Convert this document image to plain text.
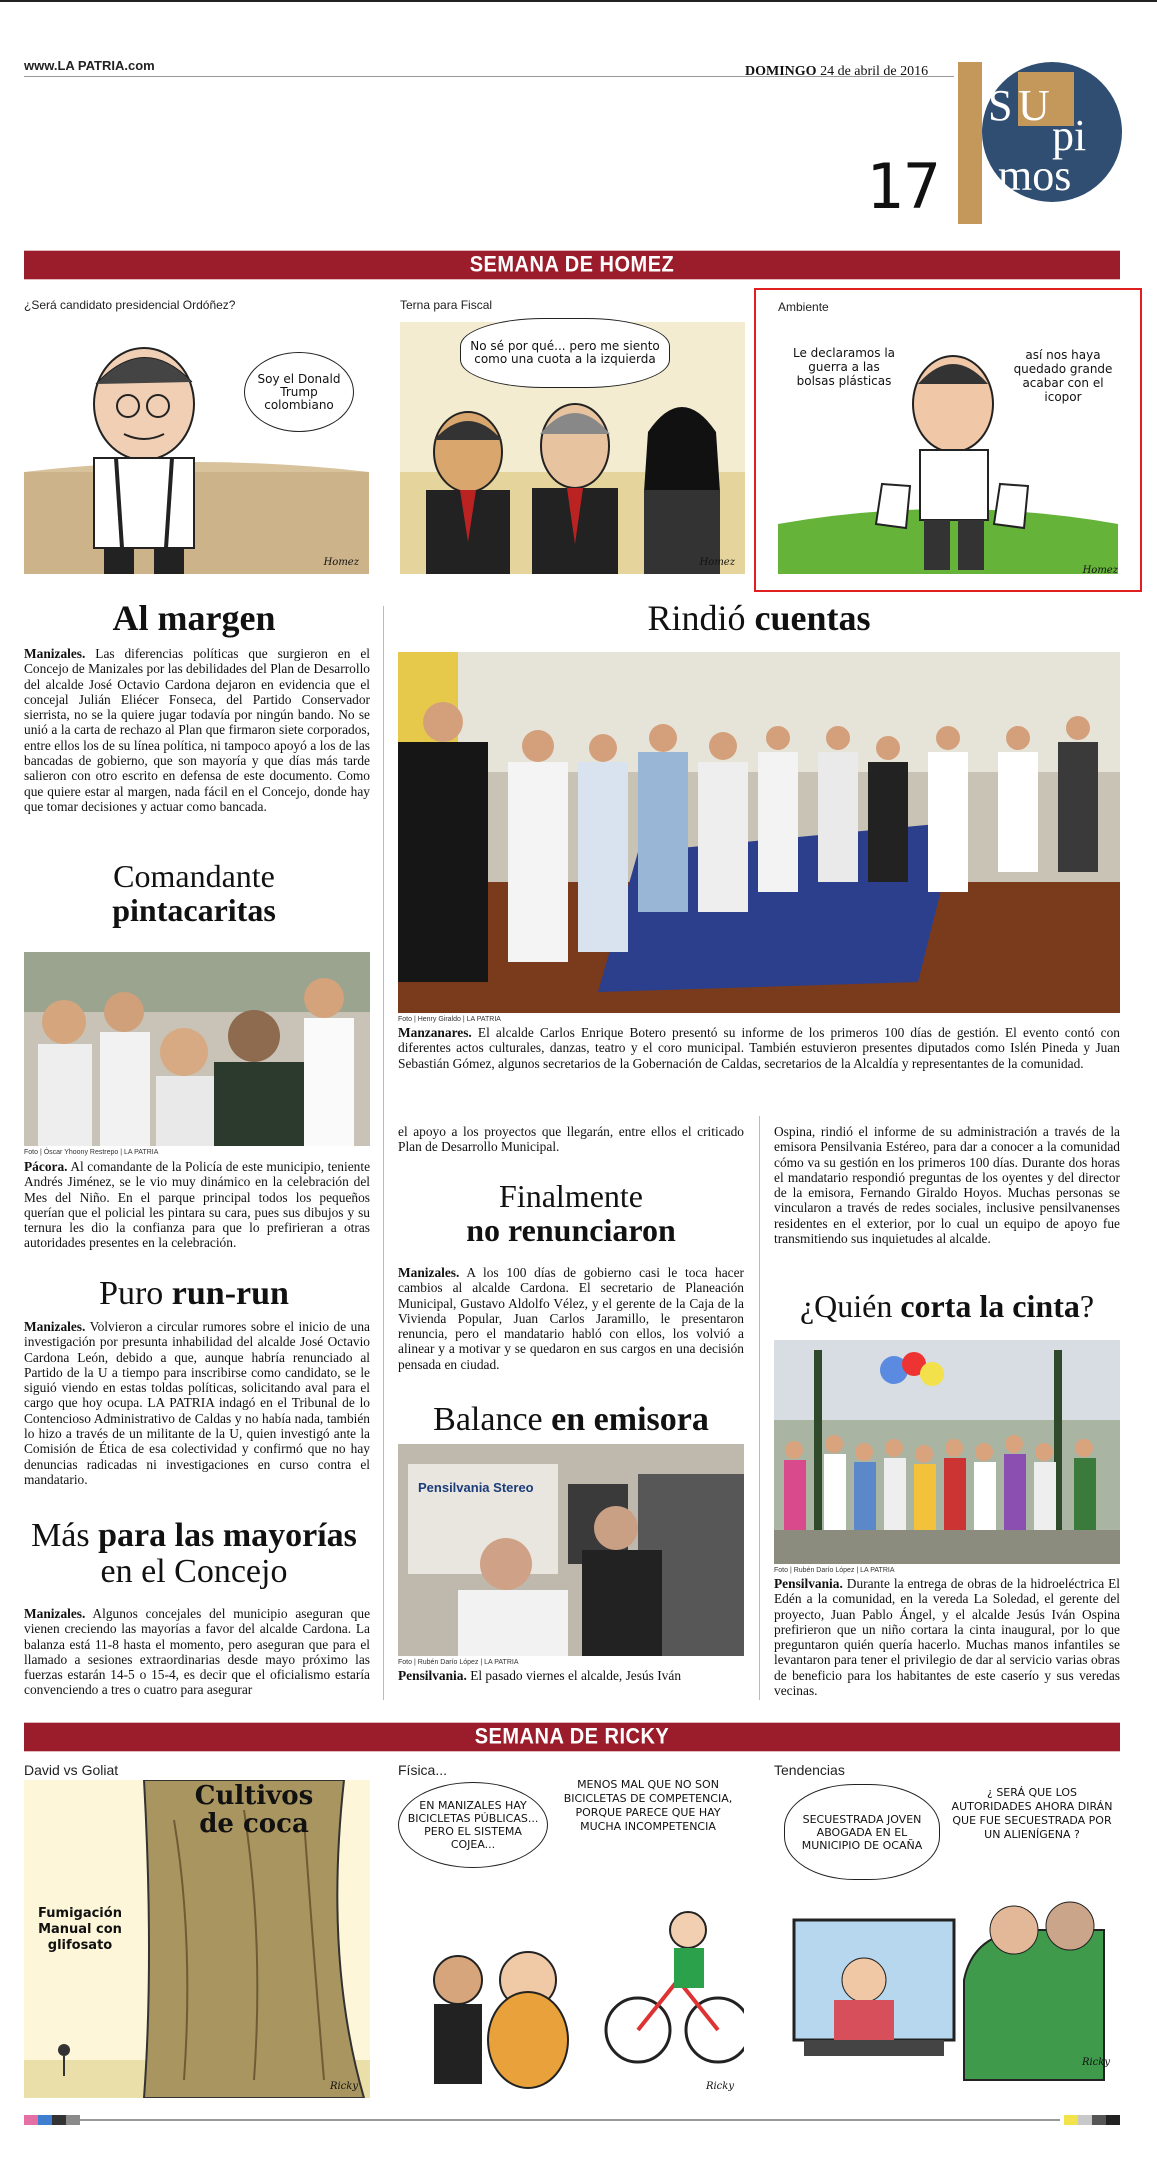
www.LA PATRIA.com	DOMINGO 24 de abril de 2016
17
S U
pi
mos
SEMANA DE HOMEZ
¿Será candidato presidencial Ordóñez?
Soy el Donald Trump colombiano
Homez
Terna para Fiscal
No sé por qué... pero me siento como una cuota a la izquierda
Homez
Ambiente
Le declaramos la guerra a las bolsas plásticas
así nos haya quedado grande acabar con el icopor
Homez
Al margen
Manizales. Las diferencias políticas que surgieron en el Concejo de Manizales por las debilidades del Plan de Desarrollo del alcalde José Octavio Cardona dejaron en evidencia que el concejal Julián Eliécer Fonseca, del Partido Conservador sierrista, no se la quiere jugar todavía por ningún bando. No se unió a la carta de rechazo al Plan que firmaron siete corporados, entre ellos los de su línea política, ni tampoco apoyó a los de las bancadas de gobierno, que son mayoría y que días más tarde salieron con otro escrito en defensa de este documento. Como que quiere estar al margen, nada fácil en el Concejo, donde hay que tomar decisiones y actuar como bancada.
Comandante
pintacaritas
Foto | Óscar Yhoony Restrepo | LA PATRIA
Pácora. Al comandante de la Policía de este municipio, teniente Andrés Jiménez, se le vio muy dinámico en la celebración del Mes del Niño. En el parque principal todos los pequeños querían que el policial les pintara su cara, pues sus dibujos y su ternura les dio la confianza para que lo prefirieran a otras autoridades presentes en la celebración.
Puro run-run
Manizales. Volvieron a circular rumores sobre el inicio de una investigación por presunta inhabilidad del alcalde José Octavio Cardona León, debido a que, aunque habría renunciado al Partido de la U a tiempo para inscribirse como candidato, se le siguió viendo en estas toldas políticas, solicitando aval para el cargo que hoy ocupa. LA PATRIA indagó en el Tribunal de lo Contencioso Administrativo de Caldas y no había nada, también lo hizo a través de un militante de la U, quien investigó ante la Comisión de Ética de esa colectividad y confirmó que no hay denuncias radicadas ni investigaciones en curso contra el mandatario.
Más para las mayorías
en el Concejo
Manizales. Algunos concejales del municipio aseguran que vienen creciendo las mayorías a favor del alcalde Cardona. La balanza está 11-8 hasta el momento, pero aseguran que para el llamado a sesiones extraordinarias desde mayo próximo las fuerzas estarán 14-5 o 15-4, es decir que el oficialismo estaría convenciendo a tres o cuatro para asegurar
Rindió cuentas
Foto | Henry Giraldo | LA PATRIA
Manzanares. El alcalde Carlos Enrique Botero presentó su informe de los primeros 100 días de gestión. El evento contó con diferentes actos culturales, danzas, teatro y el coro municipal. También estuvieron presentes diputados como Islén Pineda y Juan Sebastián Gómez, algunos secretarios de la Gobernación de Caldas, secretarios de la Alcaldía y representantes de la comunidad.
el apoyo a los proyectos que llegarán, entre ellos el criticado Plan de Desarrollo Municipal.
Finalmente
no renunciaron
Manizales. A los 100 días de gobierno casi le toca hacer cambios al alcalde Cardona. El secretario de Planeación Municipal, Gustavo Aldolfo Vélez, y el gerente de la Caja de la Vivienda Popular, Juan Carlos Jaramillo, le presentaron renuncia, pero el mandatario habló con ellos, los volvió a alinear y a motivar y se quedaron en sus cargos en una decisión pensada en ciudad.
Balance en emisora
Pensilvania Stereo
Foto | Rubén Darío López | LA PATRIA
Pensilvania. El pasado viernes el alcalde, Jesús Iván
Ospina, rindió el informe de su administración a través de la emisora Pensilvania Estéreo, para dar a conocer a la comunidad cómo va su gestión en los primeros 100 días. Durante dos horas el mandatario respondió preguntas de los oyentes y del director de la emisora, Fernando Giraldo Hoyos. Muchas personas se vincularon a través de redes sociales, inclusive pensilvanenses residentes en el exterior, por lo cual un equipo de apoyo fue transmitiendo sus inquietudes al alcalde.
¿Quién corta la cinta?
Foto | Rubén Darío López | LA PATRIA
Pensilvania. Durante la entrega de obras de la hidroeléctrica El Edén a la comunidad, en la vereda La Soledad, el gerente del proyecto, Juan Pablo Ángel, y el alcalde Jesús Iván Ospina prefirieron que un niño cortara la cinta inaugural, por lo que preguntaron quién quería hacerlo. Muchas manos infantiles se levantaron para tener el privilegio de dar al servicio varias obras de beneficio para los habitantes de este caserío y sus veredas vecinas.
SEMANA DE RICKY
David vs Goliat
Cultivos de coca
Fumigación Manual con glifosato
Ricky
Física...
EN MANIZALES HAY BICICLETAS PÚBLICAS... PERO EL SISTEMA COJEA...
MENOS MAL QUE NO SON BICICLETAS DE COMPETENCIA, PORQUE PARECE QUE HAY MUCHA INCOMPETENCIA
Ricky
Tendencias
SECUESTRADA JOVEN ABOGADA EN EL MUNICIPIO DE OCAÑA
¿ SERÁ QUE LOS AUTORIDADES AHORA DIRÁN QUE FUE SECUESTRADA POR UN ALIENÍGENA ?
Ricky
